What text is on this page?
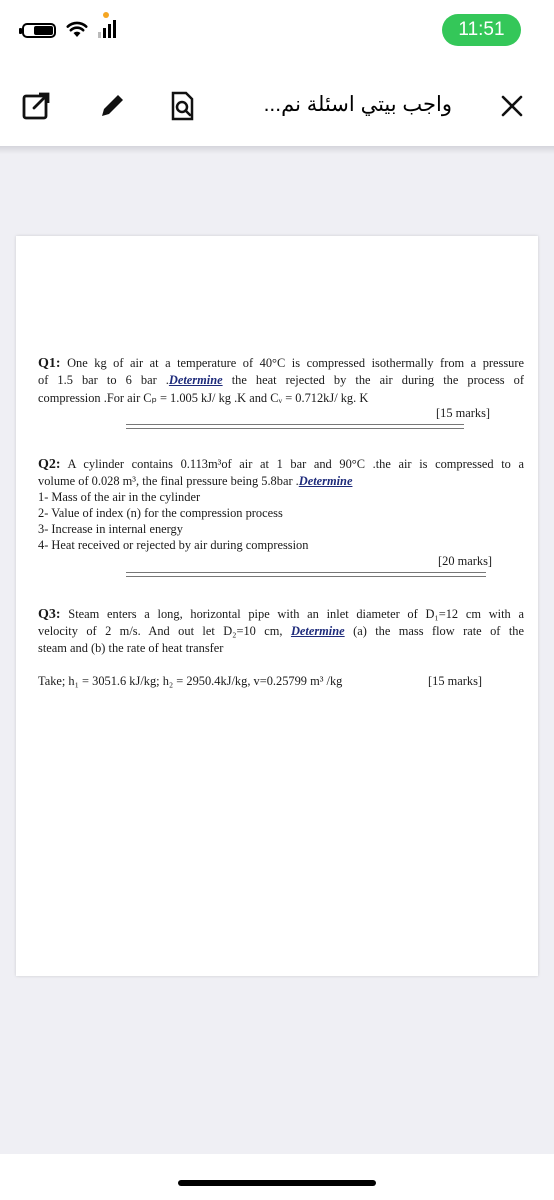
11:51
واجب بيتي اسئلة نم...
Q1: One kg of air at a temperature of 40°C is compressed isothermally from a pressure
of 1.5 bar to 6 bar .Determine the heat rejected by the air during the process of
compression .For air Cₚ = 1.005 kJ/ kg .K and Cᵥ = 0.712kJ/ kg. K
[15 marks]
Q2: A cylinder contains 0.113m³of air at 1 bar and 90°C .the air is compressed to a
volume of 0.028 m³, the final pressure being 5.8bar .Determine
1- Mass of the air in the cylinder
2- Value of index (n) for the compression process
3- Increase in internal energy
4- Heat received or rejected by air during compression
[20 marks]
Q3: Steam enters a long, horizontal pipe with an inlet diameter of D₁=12 cm with a
velocity of 2 m/s. And out let D₂=10 cm, Determine (a) the mass flow rate of the
steam and (b) the rate of heat transfer
Take; h₁ = 3051.6 kJ/kg; h₂ = 2950.4kJ/kg, v=0.25799 m³ /kg	[15 marks]
